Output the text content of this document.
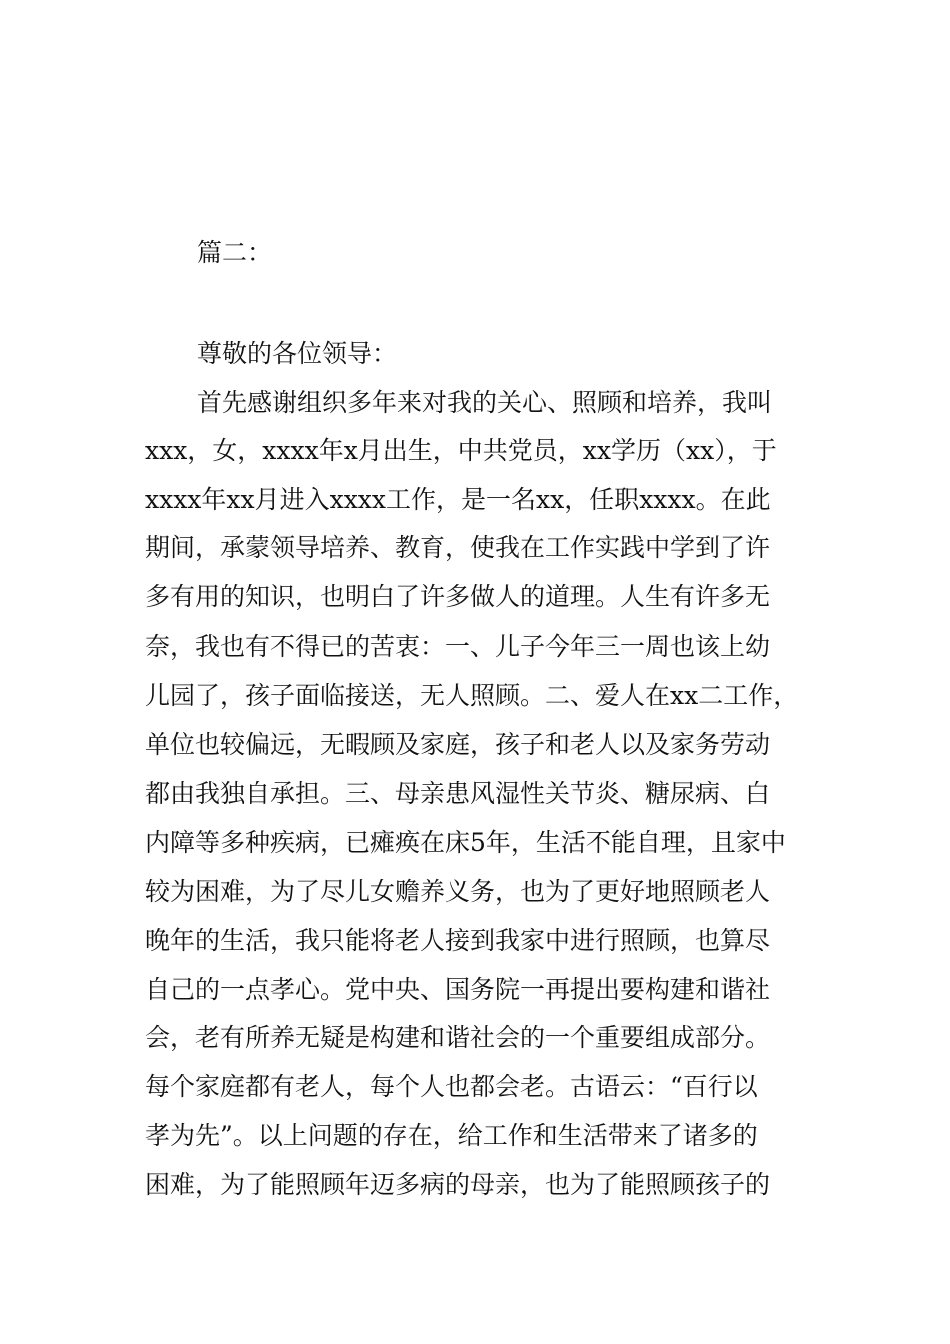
篇二：
尊敬的各位领导：
首先感谢组织多年来对我的关心、照顾和培养，我叫
xxx，女，xxxx年x月出生，中共党员，xx学历（xx），于
xxxx年xx月进入xxxx工作，是一名xx，任职xxxx。在此
期间，承蒙领导培养、教育，使我在工作实践中学到了许
多有用的知识，也明白了许多做人的道理。人生有许多无
奈，我也有不得已的苦衷：一、儿子今年三一周也该上幼
儿园了，孩子面临接送，无人照顾。二、爱人在xx二工作，
单位也较偏远，无暇顾及家庭，孩子和老人以及家务劳动
都由我独自承担。三、母亲患风湿性关节炎、糖尿病、白
内障等多种疾病，已瘫痪在床5年，生活不能自理，且家中
较为困难，为了尽儿女赡养义务，也为了更好地照顾老人
晚年的生活，我只能将老人接到我家中进行照顾，也算尽
自己的一点孝心。党中央、国务院一再提出要构建和谐社
会，老有所养无疑是构建和谐社会的一个重要组成部分。
每个家庭都有老人，每个人也都会老。古语云：“百行以
孝为先”。以上问题的存在，给工作和生活带来了诸多的
困难，为了能照顾年迈多病的母亲，也为了能照顾孩子的
